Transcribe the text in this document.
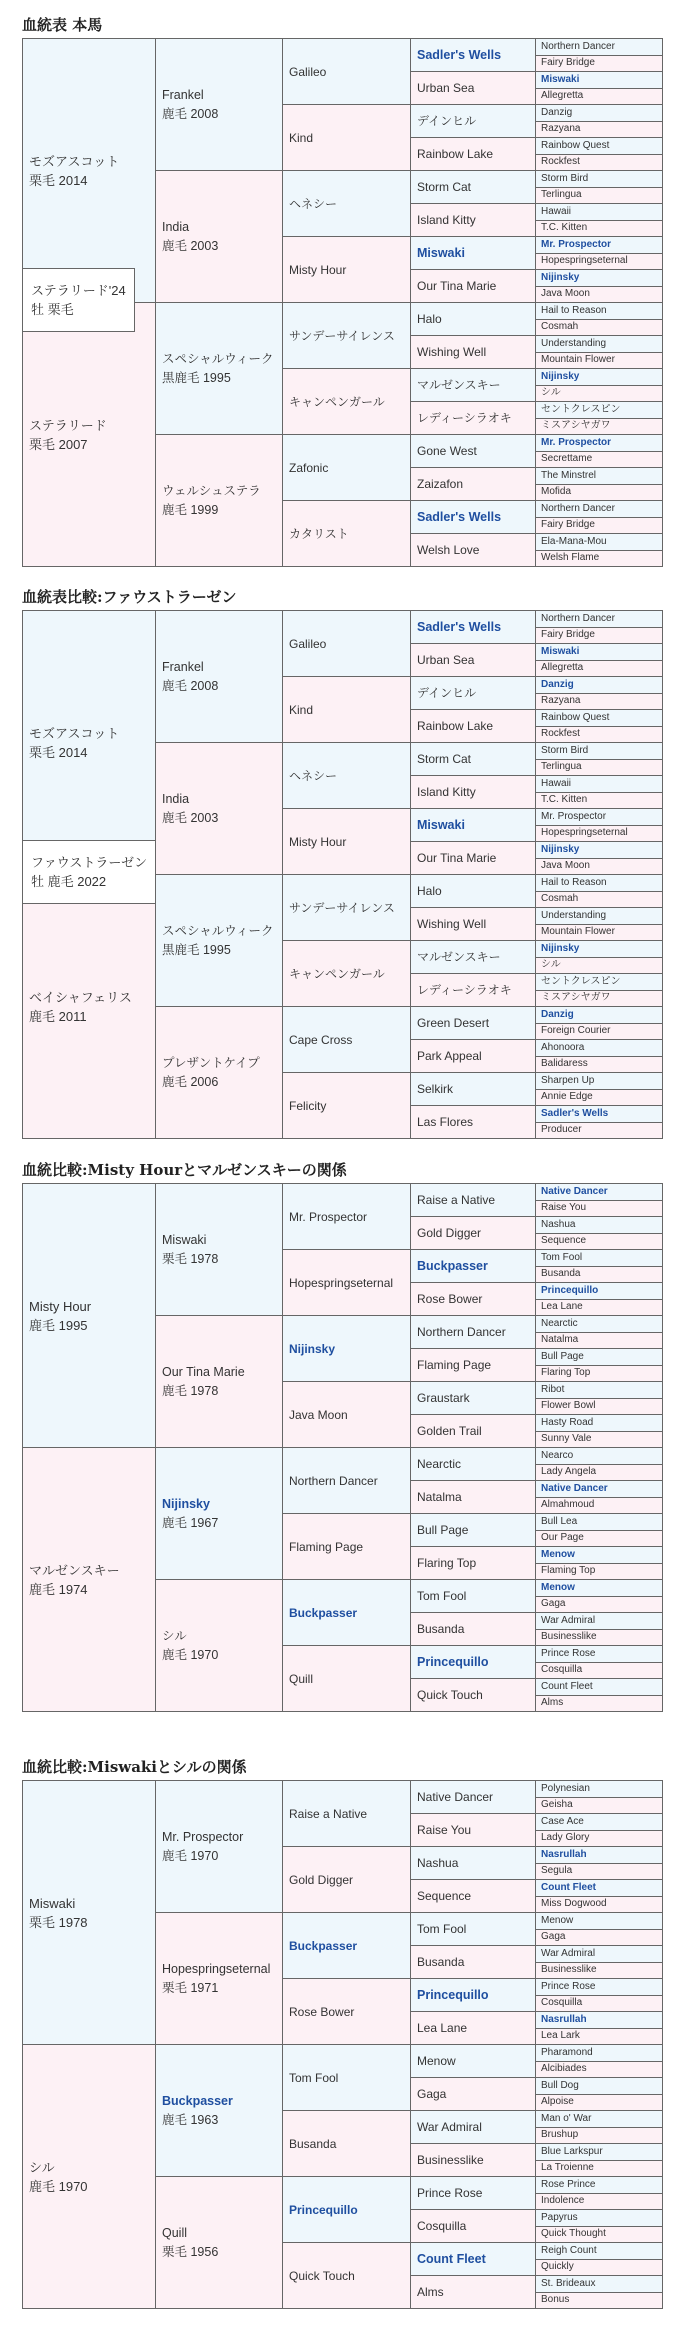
血統表 本馬
モズアスコット
栗毛 2014
ステラリード
栗毛 2007
Frankel
鹿毛 2008
India
鹿毛 2003
スペシャルウィーク
黒鹿毛 1995
ウェルシュステラ
鹿毛 1999
Galileo
Kind
ヘネシー
Misty Hour
サンデーサイレンス
キャンペンガール
Zafonic
カタリスト
Sadler's Wells
Urban Sea
デインヒル
Rainbow Lake
Storm Cat
Island Kitty
Miswaki
Our Tina Marie
Halo
Wishing Well
マルゼンスキー
レディーシラオキ
Gone West
Zaizafon
Sadler's Wells
Welsh Love
Northern Dancer
Fairy Bridge
Miswaki
Allegretta
Danzig
Razyana
Rainbow Quest
Rockfest
Storm Bird
Terlingua
Hawaii
T.C. Kitten
Mr. Prospector
Hopespringseternal
Nijinsky
Java Moon
Hail to Reason
Cosmah
Understanding
Mountain Flower
Nijinsky
シル
セントクレスピン
ミスアシヤガワ
Mr. Prospector
Secrettame
The Minstrel
Mofida
Northern Dancer
Fairy Bridge
Ela-Mana-Mou
Welsh Flame
ステラリード'24
牡 栗毛
血統表比較:ファウストラーゼン
モズアスコット
栗毛 2014
ベイシャフェリス
鹿毛 2011
Frankel
鹿毛 2008
India
鹿毛 2003
スペシャルウィーク
黒鹿毛 1995
プレザントケイプ
鹿毛 2006
Galileo
Kind
ヘネシー
Misty Hour
サンデーサイレンス
キャンペンガール
Cape Cross
Felicity
Sadler's Wells
Urban Sea
デインヒル
Rainbow Lake
Storm Cat
Island Kitty
Miswaki
Our Tina Marie
Halo
Wishing Well
マルゼンスキー
レディーシラオキ
Green Desert
Park Appeal
Selkirk
Las Flores
Northern Dancer
Fairy Bridge
Miswaki
Allegretta
Danzig
Razyana
Rainbow Quest
Rockfest
Storm Bird
Terlingua
Hawaii
T.C. Kitten
Mr. Prospector
Hopespringseternal
Nijinsky
Java Moon
Hail to Reason
Cosmah
Understanding
Mountain Flower
Nijinsky
シル
セントクレスピン
ミスアシヤガワ
Danzig
Foreign Courier
Ahonoora
Balidaress
Sharpen Up
Annie Edge
Sadler's Wells
Producer
ファウストラーゼン
牡 鹿毛 2022
血統比較:Misty Hourとマルゼンスキーの関係
Misty Hour
鹿毛 1995
マルゼンスキー
鹿毛 1974
Miswaki
栗毛 1978
Our Tina Marie
鹿毛 1978
Nijinsky
鹿毛 1967
シル
鹿毛 1970
Mr. Prospector
Hopespringseternal
Nijinsky
Java Moon
Northern Dancer
Flaming Page
Buckpasser
Quill
Raise a Native
Gold Digger
Buckpasser
Rose Bower
Northern Dancer
Flaming Page
Graustark
Golden Trail
Nearctic
Natalma
Bull Page
Flaring Top
Tom Fool
Busanda
Princequillo
Quick Touch
Native Dancer
Raise You
Nashua
Sequence
Tom Fool
Busanda
Princequillo
Lea Lane
Nearctic
Natalma
Bull Page
Flaring Top
Ribot
Flower Bowl
Hasty Road
Sunny Vale
Nearco
Lady Angela
Native Dancer
Almahmoud
Bull Lea
Our Page
Menow
Flaming Top
Menow
Gaga
War Admiral
Businesslike
Prince Rose
Cosquilla
Count Fleet
Alms
血統比較:Miswakiとシルの関係
Miswaki
栗毛 1978
シル
鹿毛 1970
Mr. Prospector
鹿毛 1970
Hopespringseternal
栗毛 1971
Buckpasser
鹿毛 1963
Quill
栗毛 1956
Raise a Native
Gold Digger
Buckpasser
Rose Bower
Tom Fool
Busanda
Princequillo
Quick Touch
Native Dancer
Raise You
Nashua
Sequence
Tom Fool
Busanda
Princequillo
Lea Lane
Menow
Gaga
War Admiral
Businesslike
Prince Rose
Cosquilla
Count Fleet
Alms
Polynesian
Geisha
Case Ace
Lady Glory
Nasrullah
Segula
Count Fleet
Miss Dogwood
Menow
Gaga
War Admiral
Businesslike
Prince Rose
Cosquilla
Nasrullah
Lea Lark
Pharamond
Alcibiades
Bull Dog
Alpoise
Man o' War
Brushup
Blue Larkspur
La Troienne
Rose Prince
Indolence
Papyrus
Quick Thought
Reigh Count
Quickly
St. Brideaux
Bonus
